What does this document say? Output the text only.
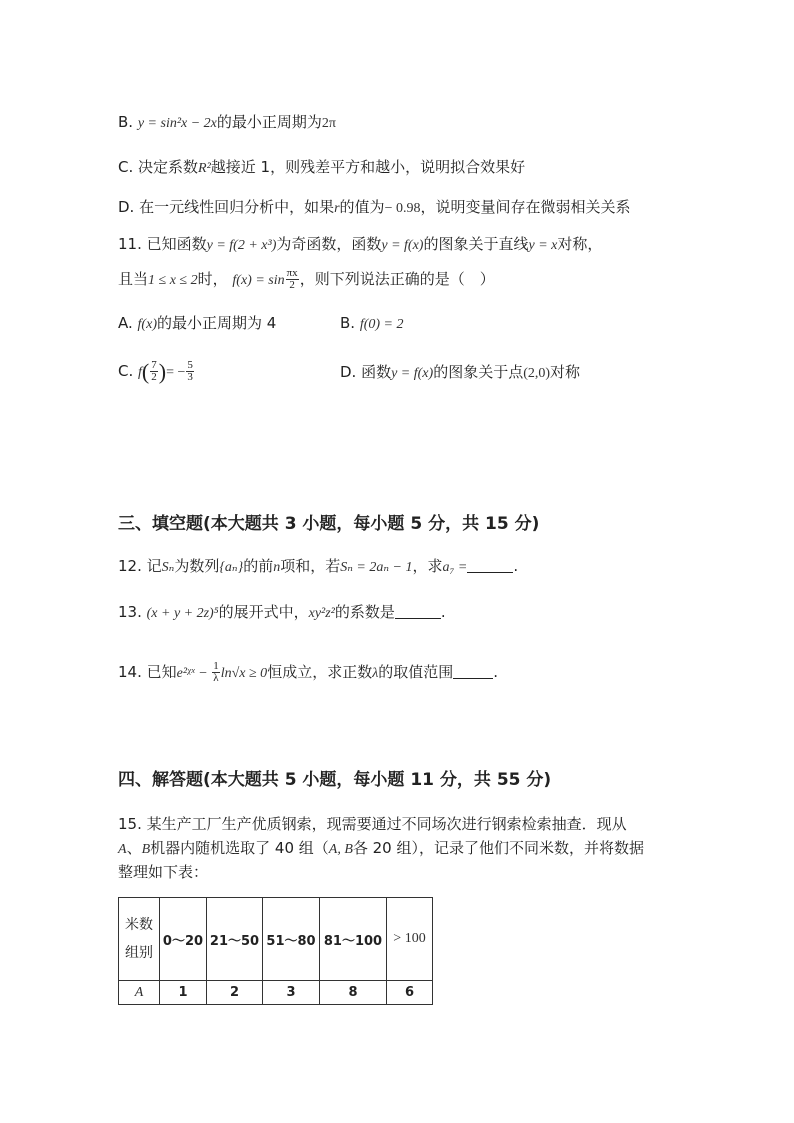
B. y = sin²x − 2x的最小正周期为2π
C. 决定系数R²越接近 1，则残差平方和越小，说明拟合效果好
D. 在一元线性回归分析中，如果r的值为− 0.98，说明变量间存在微弱相关关系
11. 已知函数y = f(2 + x³)为奇函数，函数y = f(x)的图象关于直线y = x对称，
且当1 ≤ x ≤ 2时， $f(x) = \sin \frac{\pi x}{2}$ ，则下列说法正确的是（　）
A. f(x)的最小正周期为 4	B. f(0) = 2
C. $f( \frac{7}{2}$ )= − $\frac{5}{3}$	D. 函数y = f(x)的图象关于点(2,0)对称
三、填空题(本大题共 3 小题，每小题 5 分，共 15 分)
12. 记Sₙ为数列{aₙ}的前n项和，若Sₙ = 2aₙ − 1，求a₇ =	.
13. (x + y + 2z)⁵的展开式中，xy²z²的系数是	.
14. 已知e²ᵡˣ − $\frac{1}{\lambda} \ln√x \ge 0$恒成立，求正数λ的取值范围	.
四、解答题(本大题共 5 小题，每小题 11 分，共 55 分)
15. 某生产工厂生产优质钢索，现需要通过不同场次进行钢索检索抽查．现从
A、B机器内随机选取了 40 组（A, B各 20 组），记录了他们不同米数，并将数据
整理如下表：
米数
组别	0～20	21～50	51～80	81～100	> 100
A	1	2	3	8	6
